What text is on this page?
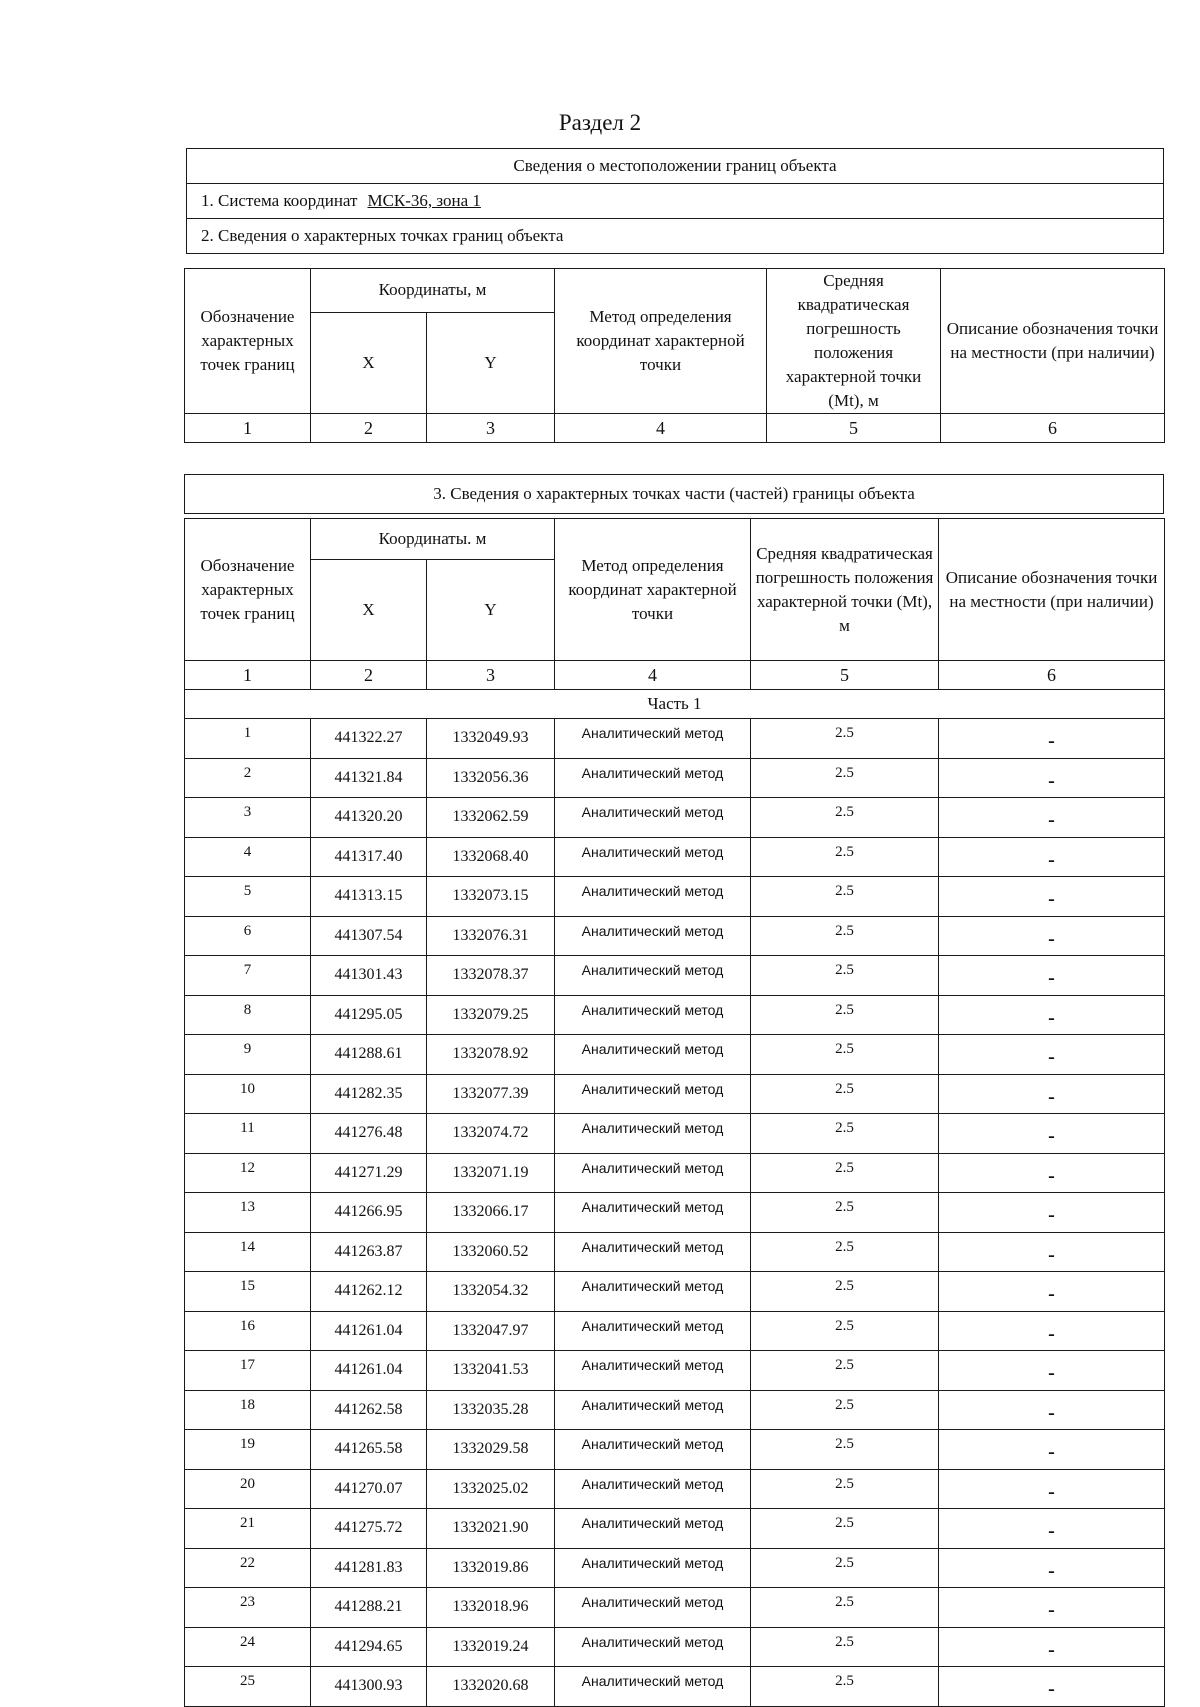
Раздел 2
Сведения о местоположении границ объекта
1. Система координат МСК-36, зона 1
2. Сведения о характерных точках границ объекта
Обозначение характерных точек границ	Координаты, м		Метод определения координат характерной точки	Средняя квадратическая погрешность положения характерной точки (Mt), м	Описание обозначения точки на местности (при наличии)
	X	Y			
1	2	3	4	5	6
3. Сведения о характерных точках части (частей) границы объекта
Обозначение характерных точек границ	Координаты. м		Метод определения координат характерной точки	Средняя квадратическая погрешность положения характерной точки (Mt), м	Описание обозначения точки на местности (при наличии)
	X	Y			
1	2	3	4	5	6
Часть 1					
1	441322.27	1332049.93	Аналитический метод	2.5	-
2	441321.84	1332056.36	Аналитический метод	2.5	-
3	441320.20	1332062.59	Аналитический метод	2.5	-
4	441317.40	1332068.40	Аналитический метод	2.5	-
5	441313.15	1332073.15	Аналитический метод	2.5	-
6	441307.54	1332076.31	Аналитический метод	2.5	-
7	441301.43	1332078.37	Аналитический метод	2.5	-
8	441295.05	1332079.25	Аналитический метод	2.5	-
9	441288.61	1332078.92	Аналитический метод	2.5	-
10	441282.35	1332077.39	Аналитический метод	2.5	-
11	441276.48	1332074.72	Аналитический метод	2.5	-
12	441271.29	1332071.19	Аналитический метод	2.5	-
13	441266.95	1332066.17	Аналитический метод	2.5	-
14	441263.87	1332060.52	Аналитический метод	2.5	-
15	441262.12	1332054.32	Аналитический метод	2.5	-
16	441261.04	1332047.97	Аналитический метод	2.5	-
17	441261.04	1332041.53	Аналитический метод	2.5	-
18	441262.58	1332035.28	Аналитический метод	2.5	-
19	441265.58	1332029.58	Аналитический метод	2.5	-
20	441270.07	1332025.02	Аналитический метод	2.5	-
21	441275.72	1332021.90	Аналитический метод	2.5	-
22	441281.83	1332019.86	Аналитический метод	2.5	-
23	441288.21	1332018.96	Аналитический метод	2.5	-
24	441294.65	1332019.24	Аналитический метод	2.5	-
25	441300.93	1332020.68	Аналитический метод	2.5	-
